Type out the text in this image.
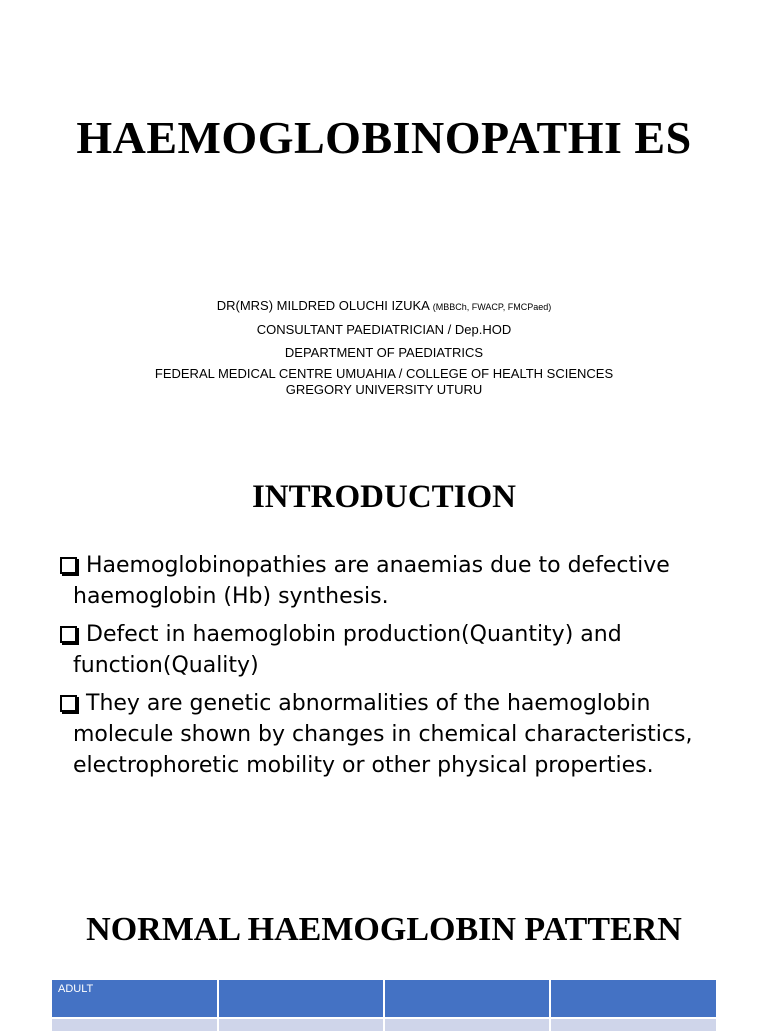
HAEMOGLOBINOPATHI ES
DR(MRS) MILDRED OLUCHI IZUKA (MBBCh, FWACP, FMCPaed)
CONSULTANT PAEDIATRICIAN / Dep.HOD
DEPARTMENT OF PAEDIATRICS
FEDERAL MEDICAL CENTRE UMUAHIA / COLLEGE OF HEALTH SCIENCES GREGORY UNIVERSITY UTURU
INTRODUCTION
Haemoglobinopathies are anaemias due to defective haemoglobin (Hb) synthesis.
Defect in haemoglobin production(Quantity) and function(Quality)
They are genetic abnormalities of the haemoglobin molecule shown by changes in chemical characteristics, electrophoretic mobility or other physical properties.
NORMAL HAEMOGLOBIN PATTERN
ADULT			
